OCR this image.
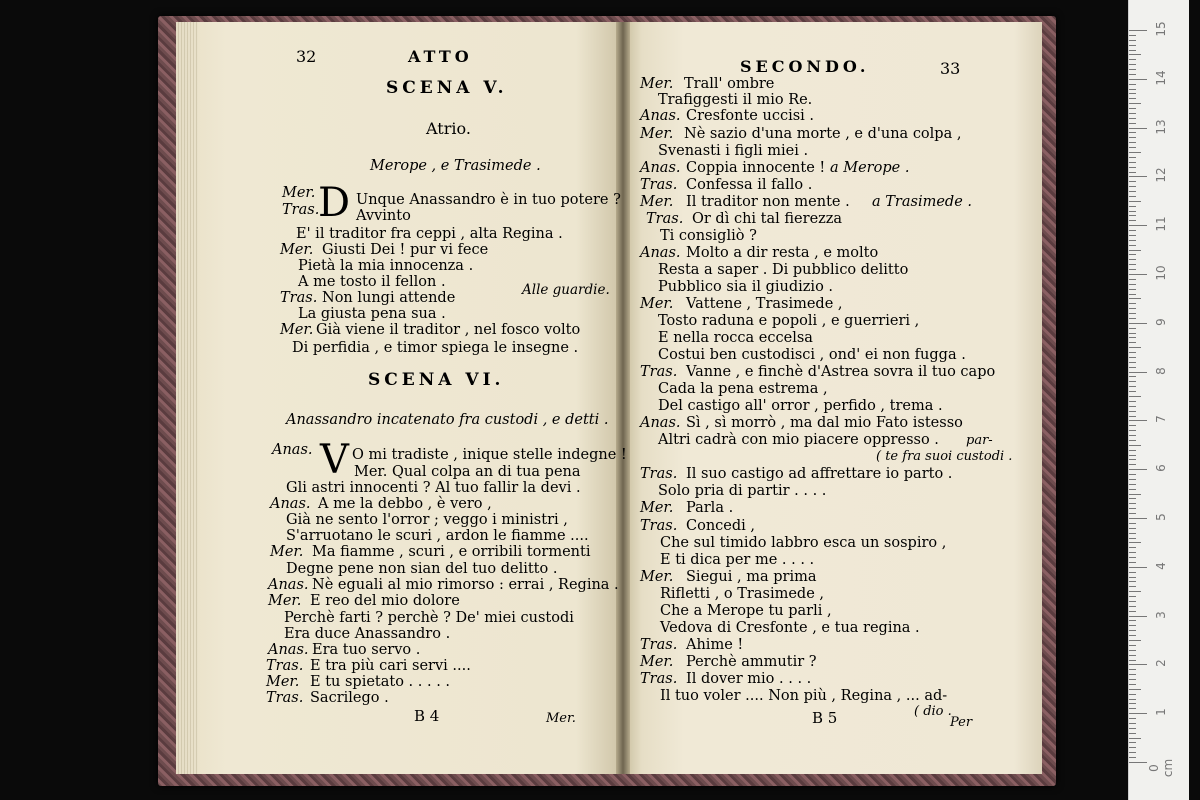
32	ATTO
SCENA V.
Atrio.
Merope , e Trasimede .
D
Mer.	Unque Anassandro è in tuo potere ?
Tras.	Avvinto
E' il traditor fra ceppi , alta Regina .
Mer. Giusti Dei ! pur vi fece
Pietà la mia innocenza .
A me tosto il fellon .	Alle guardie.
Tras. Non lungi attende
La giusta pena sua .
Mer. Già viene il traditor , nel fosco volto
Di perfidia , e timor spiega le insegne .
SCENA VI.
Anassandro incatenato fra custodi , e detti .
V
Anas.	O mi tradiste , inique stelle indegne !
Mer. Qual colpa an di tua pena
Gli astri innocenti ? Al tuo fallir la devi .
Anas. A me la debbo , è vero ,
Già ne sento l'orror ; veggo i ministri ,
S'arruotano le scuri , ardon le fiamme ....
Mer. Ma fiamme , scuri , e orribili tormenti
Degne pene non sian del tuo delitto .
Anas. Nè eguali al mio rimorso : errai , Regina .
Mer. E reo del mio dolore
Perchè farti ? perchè ? De' miei custodi
Era duce Anassandro .
Anas. Era tuo servo .
Tras. E tra più cari servi ....
Mer. E tu spietato . . . . .
Tras. Sacrilego .
B 4	Mer.
SECONDO.	33
Mer. Trall' ombre
Trafiggesti il mio Re.
Anas. Cresfonte uccisi .
Mer. Nè sazio d'una morte , e d'una colpa ,
Svenasti i figli miei .
Anas. Coppia innocente ! a Merope .
Tras. Confessa il fallo .
Mer. Il traditor non mente . a Trasimede .
Tras. Or dì chi tal fierezza
Ti consigliò ?
Anas. Molto a dir resta , e molto
Resta a saper . Di pubblico delitto
Pubblico sia il giudizio .
Mer. Vattene , Trasimede ,
Tosto raduna e popoli , e guerrieri ,
E nella rocca eccelsa
Costui ben custodisci , ond' ei non fugga .
Tras. Vanne , e finchè d'Astrea sovra il tuo capo
Cada la pena estrema ,
Del castigo all' orror , perfido , trema .
Anas. Sì , sì morrò , ma dal mio Fato istesso
Altri cadrà con mio piacere oppresso . par-
( te fra suoi custodi .
Tras. Il suo castigo ad affrettare io parto .
Solo pria di partir . . . .
Mer. Parla .
Tras. Concedi ,
Che sul timido labbro esca un sospiro ,
E ti dica per me . . . .
Mer. Siegui , ma prima
Rifletti , o Trasimede ,
Che a Merope tu parli ,
Vedova di Cresfonte , e tua regina .
Tras. Ahime !
Mer. Perchè ammutir ?
Tras. Il dover mio . . . .
Il tuo voler .... Non più , Regina , ... ad-
( dio .
B 5	Per
15
14
13
12
11
10
9
8
7
6
5
4
3
2
1
0 cm
